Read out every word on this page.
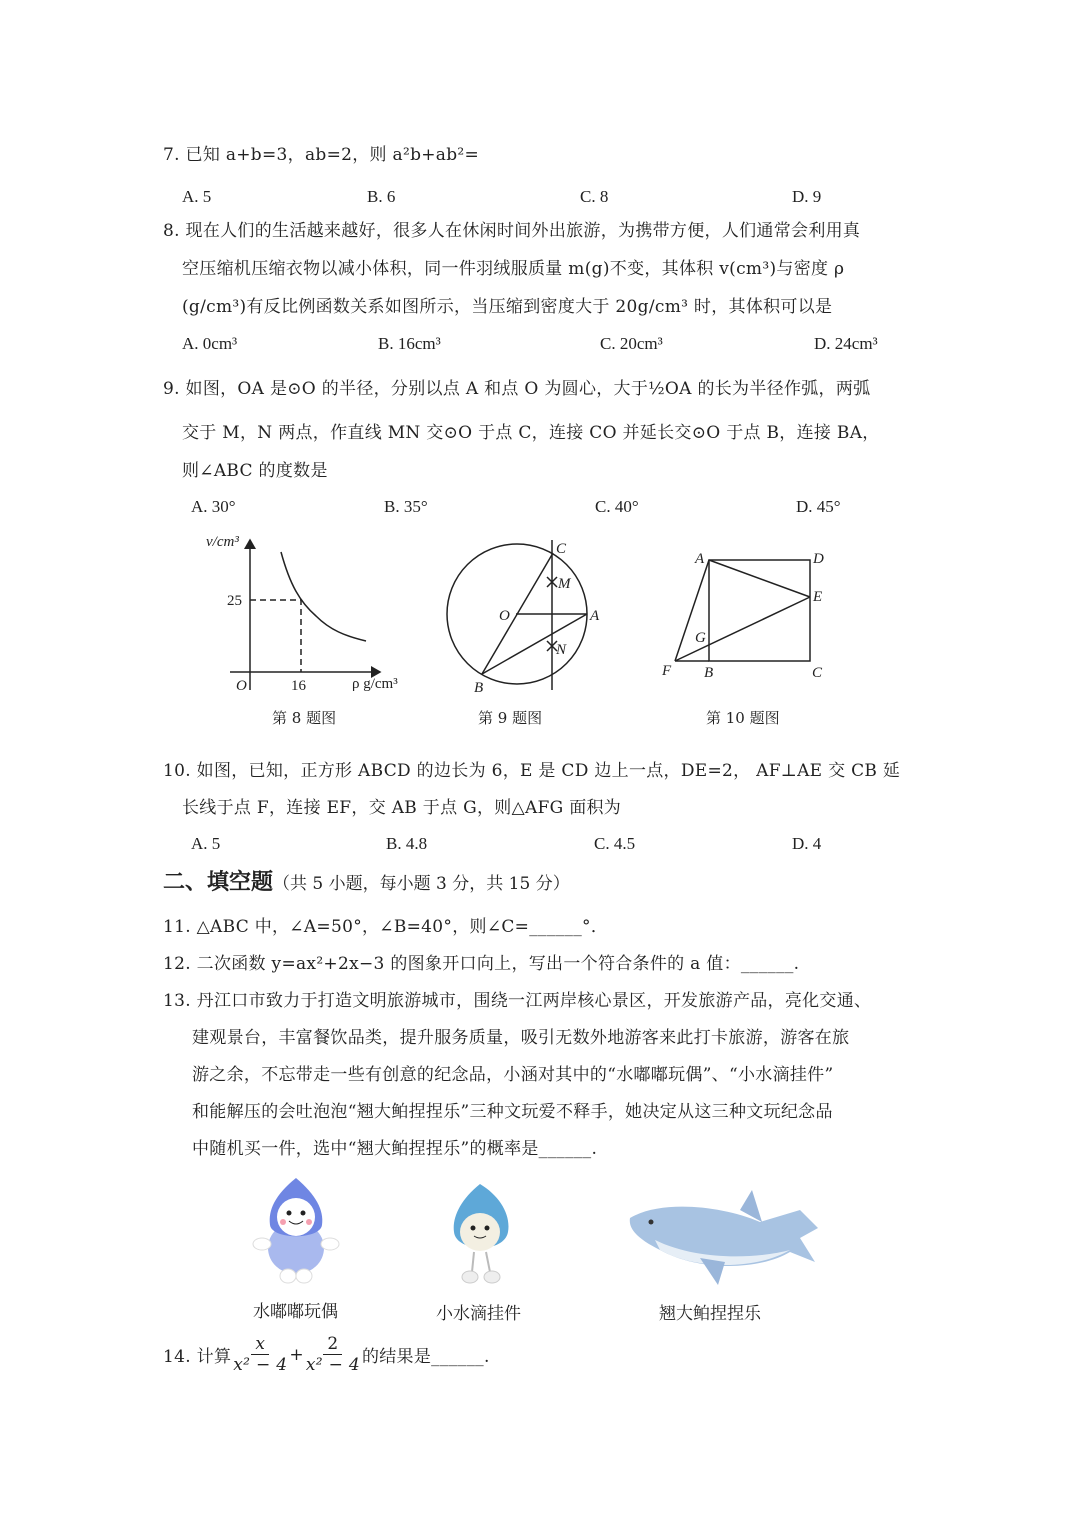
7. 已知 a+b=3，ab=2，则 a²b+ab²=
A. 5	B. 6	C. 8	D. 9
8. 现在人们的生活越来越好，很多人在休闲时间外出旅游，为携带方便，人们通常会利用真
空压缩机压缩衣物以减小体积，同一件羽绒服质量 m(g)不变，其体积 v(cm³)与密度 ρ
(g/cm³)有反比例函数关系如图所示，当压缩到密度大于 20g/cm³ 时，其体积可以是
A. 0cm³	B. 16cm³	C. 20cm³	D. 24cm³
9. 如图，OA 是⊙O 的半径，分别以点 A 和点 O 为圆心，大于½OA 的长为半径作弧，两弧
交于 M，N 两点，作直线 MN 交⊙O 于点 C，连接 CO 并延长交⊙O 于点 B，连接 BA，
则∠ABC 的度数是
A. 30°	B. 35°	C. 40°	D. 45°
v/cm³
25
16
O	ρ g/cm³
C
M
O	A
N
B
A	D
E
G
F B	C
第 8 题图	第 9 题图	第 10 题图
10. 如图，已知，正方形 ABCD 的边长为 6，E 是 CD 边上一点，DE=2， AF⊥AE 交 CB 延
长线于点 F，连接 EF，交 AB 于点 G，则△AFG 面积为
A. 5	B. 4.8	C. 4.5	D. 4
二、填空题（共 5 小题，每小题 3 分，共 15 分）
11. △ABC 中，∠A=50°，∠B=40°，则∠C=______°．
12. 二次函数 y=ax²+2x−3 的图象开口向上，写出一个符合条件的 a 值：______.
13. 丹江口市致力于打造文明旅游城市，围绕一江两岸核心景区，开发旅游产品，亮化交通、
建观景台，丰富餐饮品类，提升服务质量，吸引无数外地游客来此打卡旅游，游客在旅
游之余，不忘带走一些有创意的纪念品，小涵对其中的“水嘟嘟玩偶”、“小水滴挂件”
和能解压的会吐泡泡“翘大鲌捏捏乐”三种文玩爱不释手，她决定从这三种文玩纪念品
中随机买一件，选中“翘大鲌捏捏乐”的概率是______.
水嘟嘟玩偶	小水滴挂件	翘大鲌捏捏乐
14. 计算
x
x² − 4
+ $\frac{2}{\text{x² − 4}}$ 的结果是______.
